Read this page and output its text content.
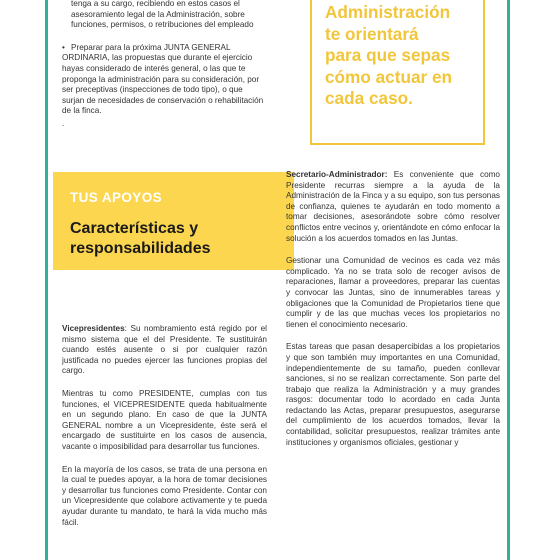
tenga a su cargo, recibiendo en estos casos el asesoramiento legal de la Administración, sobre funciones, permisos, o retribuciones del empleado

• Preparar para la próxima JUNTA GENERAL ORDINARIA, las propuestas que durante el ejercicio hayas considerado de interés general, o las que te proponga la administración para su consideración, por ser preceptivas (inspecciones de todo tipo), o que surjan de necesidades de conservación o rehabilitación de la finca.

.

Administración
te orientará
para que sepas
cómo actuar en
cada caso.
TUS APOYOS
Características y
responsabilidades

Vicepresidentes: Su nombramiento está regido por el mismo sistema que el del Presidente. Te sustituirán cuando estés ausente o si por cualquier razón justificada no puedes ejercer las funciones propias del cargo.

Mientras tu como PRESIDENTE, cumplas con tus funciones, el VICEPRESIDENTE queda habitualmente en un segundo plano. En caso de que la JUNTA GENERAL nombre a un Vicepresidente, éste será el encargado de sustituirte en los casos de ausencia, vacante o imposibilidad para desarrollar tus funciones.

En la mayoría de los casos, se trata de una persona en la cual te puedes apoyar, a la hora de tomar decisiones y desarrollar tus funciones como Presidente. Contar con un Vicepresidente que colabore activamente y te pueda ayudar durante tu mandato, te hará la vida mucho más fácil.

Secretario-Administrador: Es conveniente que como Presidente recurras siempre a la ayuda de la Administración de la Finca y a su equipo, son tus personas de confianza, quienes te ayudarán en todo momento a tomar decisiones, asesorándote sobre cómo resolver conflictos entre vecinos y, orientándote en cómo enfocar la solución a los acuerdos tomados en las Juntas.

Gestionar una Comunidad de vecinos es cada vez más complicado. Ya no se trata solo de recoger avisos de reparaciones, llamar a proveedores, preparar las cuentas y convocar las Juntas, sino de innumerables tareas y obligaciones que la Comunidad de Propietarios tiene que cumplir y de las que muchas veces los propietarios no tienen el conocimiento necesario.

Estas tareas que pasan desapercibidas a los propietarios y que son también muy importantes en una Comunidad, independientemente de su tamaño, pueden conllevar sanciones, si no se realizan correctamente. Son parte del trabajo que realiza la Administración y a muy grandes rasgos: documentar todo lo acordado en cada Junta redactando las Actas, preparar presupuestos, asegurarse del cumplimiento de los acuerdos tomados, llevar la contabilidad, solicitar presupuestos, realizar trámites ante instituciones y organismos oficiales, gestionar y
